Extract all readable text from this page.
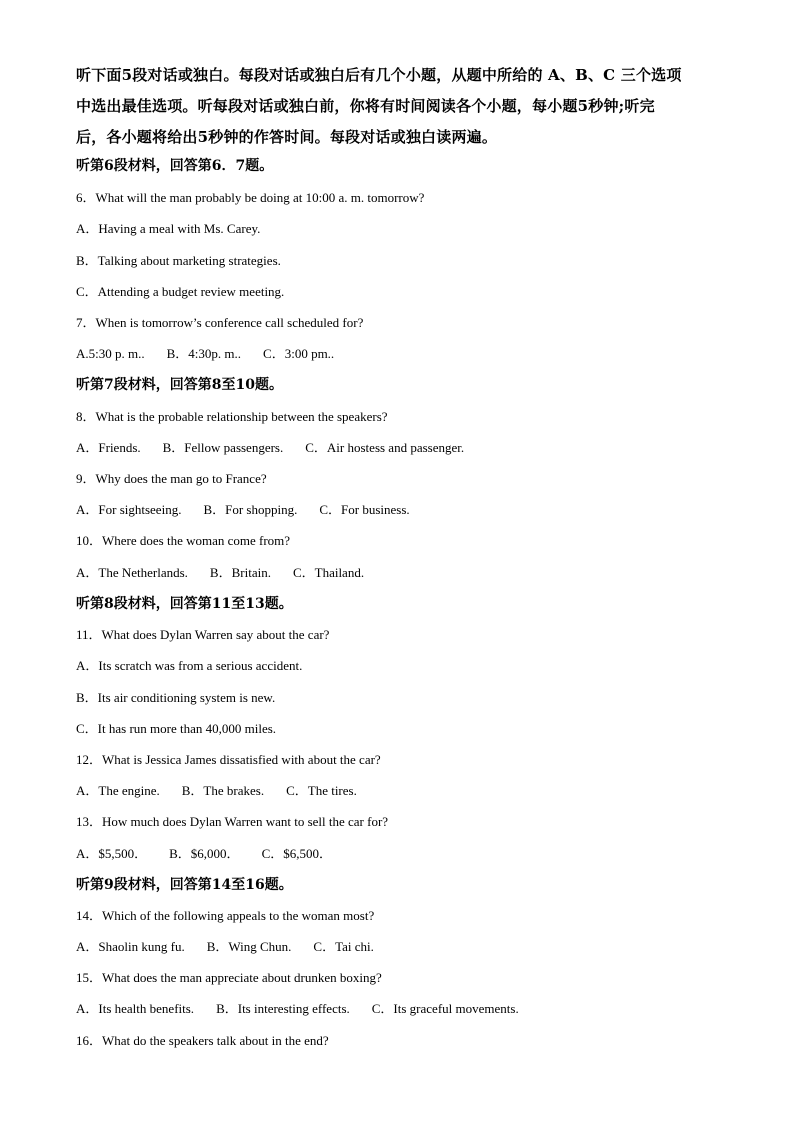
听下面5段对话或独白。每段对话或独白后有几个小题，从题中所给的 A、B、C 三个选项

中选出最佳选项。听每段对话或独白前，你将有时间阅读各个小题，每小题5秒钟;听完

后，各小题将给出5秒钟的作答时间。每段对话或独白读两遍。

听第6段材料，回答第6．7题。
6．What will the man probably be doing at 10:00 a. m. tomorrow?
A．Having a meal with Ms. Carey.
B．Talking about marketing strategies.
C．Attending a budget review meeting.
7．When is tomorrow’s conference call scheduled for?
A.5:30 p. m.. B．4:30p. m.. C．3:00 pm..
听第7段材料，回答第8至10题。
8．What is the probable relationship between the speakers?
A．Friends. B．Fellow passengers. C．Air hostess and passenger.
9．Why does the man go to France?
A．For sightseeing. B．For shopping. C．For business.
10．Where does the woman come from?
A．The Netherlands. B．Britain. C．Thailand.
听第8段材料，回答第11至13题。
11．What does Dylan Warren say about the car?
A．Its scratch was from a serious accident.
B．Its air conditioning system is new.
C．It has run more than 40,000 miles.
12．What is Jessica James dissatisfied with about the car?
A．The engine. B．The brakes. C．The tires.
13．How much does Dylan Warren want to sell the car for?
A．$5,500． B．$6,000． C．$6,500．
听第9段材料，回答第14至16题。
14．Which of the following appeals to the woman most?
A．Shaolin kung fu. B．Wing Chun. C．Tai chi.
15．What does the man appreciate about drunken boxing?
A．Its health benefits. B．Its interesting effects. C．Its graceful movements.
16．What do the speakers talk about in the end?
